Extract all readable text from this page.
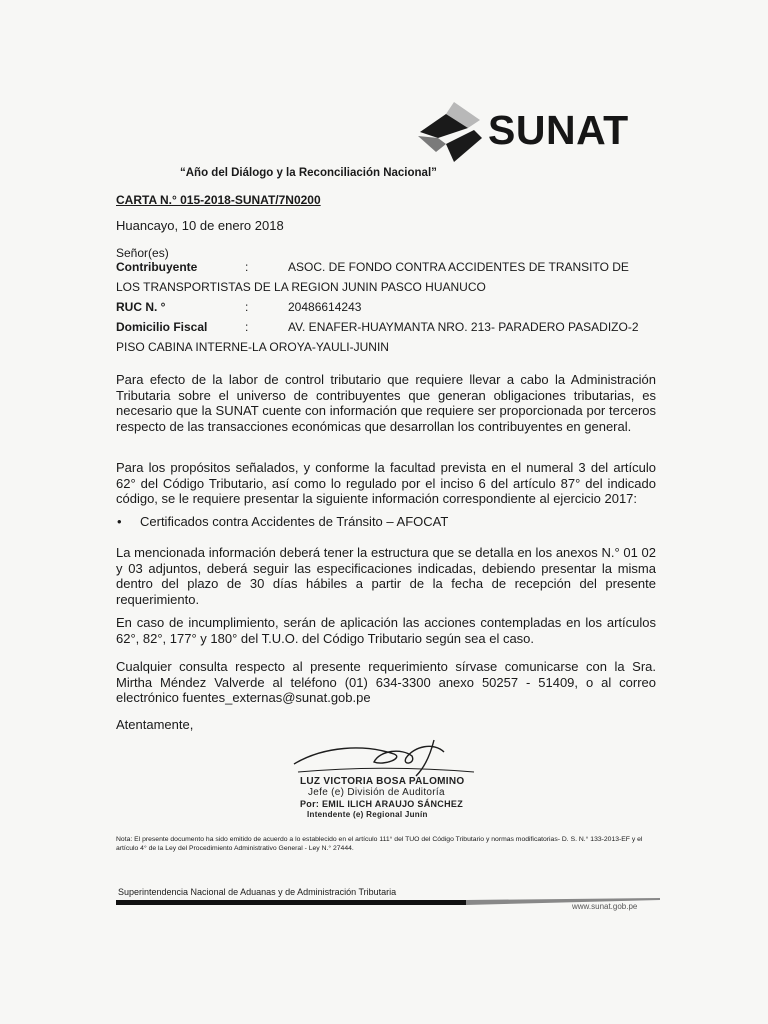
SUNAT
“Año del Diálogo y la Reconciliación Nacional”
CARTA N.° 015-2018-SUNAT/7N0200
Huancayo, 10 de enero 2018
Señor(es)
Contribuyente	:	ASOC. DE FONDO CONTRA ACCIDENTES DE TRANSITO DE
LOS TRANSPORTISTAS DE LA REGION JUNIN PASCO HUANUCO
RUC N. °	:	20486614243
Domicilio Fiscal	:	AV. ENAFER-HUAYMANTA NRO. 213- PARADERO PASADIZO-2
PISO CABINA INTERNE-LA OROYA-YAULI-JUNIN
Para efecto de la labor de control tributario que requiere llevar a cabo la Administración Tributaria sobre el universo de contribuyentes que generan obligaciones tributarias, es necesario que la SUNAT cuente con información que requiere ser proporcionada por terceros respecto de las transacciones económicas que desarrollan los contribuyentes en general.
Para los propósitos señalados, y conforme la facultad prevista en el numeral 3 del artículo 62° del Código Tributario, así como lo regulado por el inciso 6 del artículo 87° del indicado código, se le requiere presentar la siguiente información correspondiente al ejercicio 2017:
• Certificados contra Accidentes de Tránsito – AFOCAT
La mencionada información deberá tener la estructura que se detalla en los anexos N.° 01 02 y 03 adjuntos, deberá seguir las especificaciones indicadas, debiendo presentar la misma dentro del plazo de 30 días hábiles a partir de la fecha de recepción del presente requerimiento.
En caso de incumplimiento, serán de aplicación las acciones contempladas en los artículos 62°, 82°, 177° y 180° del T.U.O. del Código Tributario según sea el caso.
Cualquier consulta respecto al presente requerimiento sírvase comunicarse con la Sra. Mirtha Méndez Valverde al teléfono (01) 634-3300 anexo 50257 - 51409, o al correo electrónico fuentes_externas@sunat.gob.pe
Atentamente,
LUZ VICTORIA BOSA PALOMINO
Jefe (e) División de Auditoría
Por: EMIL ILICH ARAUJO SÁNCHEZ
Intendente (e) Regional Junín
Nota: El presente documento ha sido emitido de acuerdo a lo establecido en el artículo 111° del TUO del Código Tributario y normas modificatorias- D. S. N.° 133-2013-EF y el artículo 4° de la Ley del Procedimiento Administrativo General - Ley N.° 27444.
Superintendencia Nacional de Aduanas y de Administración Tributaria
www.sunat.gob.pe
